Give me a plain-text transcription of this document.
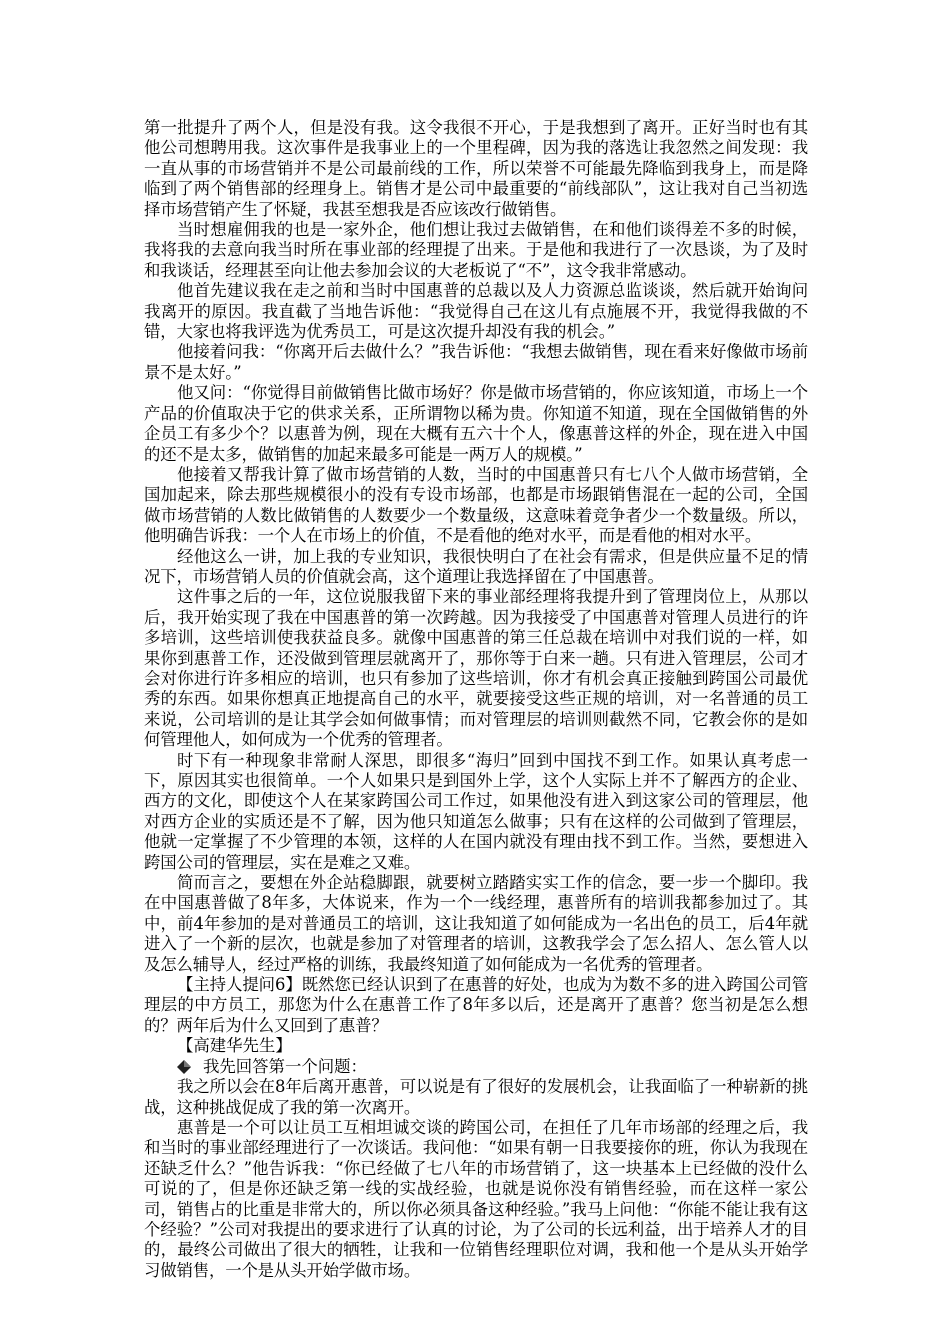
第一批提升了两个人，但是没有我。这令我很不开心，于是我想到了离开。正好当时也有其他公司想聘用我。这次事件是我事业上的一个里程碑，因为我的落选让我忽然之间发现：我一直从事的市场营销并不是公司最前线的工作，所以荣誉不可能最先降临到我身上，而是降临到了两个销售部的经理身上。销售才是公司中最重要的“前线部队”，这让我对自己当初选择市场营销产生了怀疑，我甚至想我是否应该改行做销售。

当时想雇佣我的也是一家外企，他们想让我过去做销售，在和他们谈得差不多的时候，我将我的去意向我当时所在事业部的经理提了出来。于是他和我进行了一次恳谈，为了及时和我谈话，经理甚至向让他去参加会议的大老板说了“不”，这令我非常感动。

他首先建议我在走之前和当时中国惠普的总裁以及人力资源总监谈谈，然后就开始询问我离开的原因。我直截了当地告诉他：“我觉得自己在这儿有点施展不开，我觉得我做的不错，大家也将我评选为优秀员工，可是这次提升却没有我的机会。”

他接着问我：“你离开后去做什么？”我告诉他：“我想去做销售，现在看来好像做市场前景不是太好。”

他又问：“你觉得目前做销售比做市场好？你是做市场营销的，你应该知道，市场上一个产品的价值取决于它的供求关系，正所谓物以稀为贵。你知道不知道，现在全国做销售的外企员工有多少个？以惠普为例，现在大概有五六十个人，像惠普这样的外企，现在进入中国的还不是太多，做销售的加起来最多可能是一两万人的规模。”

他接着又帮我计算了做市场营销的人数，当时的中国惠普只有七八个人做市场营销，全国加起来，除去那些规模很小的没有专设市场部，也都是市场跟销售混在一起的公司，全国做市场营销的人数比做销售的人数要少一个数量级，这意味着竞争者少一个数量级。所以，他明确告诉我：一个人在市场上的价值，不是看他的绝对水平，而是看他的相对水平。

经他这么一讲，加上我的专业知识，我很快明白了在社会有需求，但是供应量不足的情况下，市场营销人员的价值就会高，这个道理让我选择留在了中国惠普。

这件事之后的一年，这位说服我留下来的事业部经理将我提升到了管理岗位上，从那以后，我开始实现了我在中国惠普的第一次跨越。因为我接受了中国惠普对管理人员进行的许多培训，这些培训使我获益良多。就像中国惠普的第三任总裁在培训中对我们说的一样，如果你到惠普工作，还没做到管理层就离开了，那你等于白来一趟。只有进入管理层，公司才会对你进行许多相应的培训，也只有参加了这些培训，你才有机会真正接触到跨国公司最优秀的东西。如果你想真正地提高自己的水平，就要接受这些正规的培训，对一名普通的员工来说，公司培训的是让其学会如何做事情；而对管理层的培训则截然不同，它教会你的是如何管理他人，如何成为一个优秀的管理者。

时下有一种现象非常耐人深思，即很多“海归”回到中国找不到工作。如果认真考虑一下，原因其实也很简单。一个人如果只是到国外上学，这个人实际上并不了解西方的企业、西方的文化，即使这个人在某家跨国公司工作过，如果他没有进入到这家公司的管理层，他对西方企业的实质还是不了解，因为他只知道怎么做事；只有在这样的公司做到了管理层，他就一定掌握了不少管理的本领，这样的人在国内就没有理由找不到工作。当然，要想进入跨国公司的管理层，实在是难之又难。

简而言之，要想在外企站稳脚跟，就要树立踏踏实实工作的信念，要一步一个脚印。我在中国惠普做了8年多，大体说来，作为一个一线经理，惠普所有的培训我都参加过了。其中，前4年参加的是对普通员工的培训，这让我知道了如何能成为一名出色的员工，后4年就进入了一个新的层次，也就是参加了对管理者的培训，这教我学会了怎么招人、怎么管人以及怎么辅导人，经过严格的训练，我最终知道了如何能成为一名优秀的管理者。

【主持人提问6】既然您已经认识到了在惠普的好处，也成为为数不多的进入跨国公司管理层的中方员工，那您为什么在惠普工作了8年多以后，还是离开了惠普？您当初是怎么想的？两年后为什么又回到了惠普？

【高建华先生】

我先回答第一个问题：

我之所以会在8年后离开惠普，可以说是有了很好的发展机会，让我面临了一种崭新的挑战，这种挑战促成了我的第一次离开。

惠普是一个可以让员工互相坦诚交谈的跨国公司，在担任了几年市场部的经理之后，我和当时的事业部经理进行了一次谈话。我问他：“如果有朝一日我要接你的班，你认为我现在还缺乏什么？”他告诉我：“你已经做了七八年的市场营销了，这一块基本上已经做的没什么可说的了，但是你还缺乏第一线的实战经验，也就是说你没有销售经验，而在这样一家公司，销售占的比重是非常大的，所以你必须具备这种经验。”我马上问他：“你能不能让我有这个经验？”公司对我提出的要求进行了认真的讨论，为了公司的长远利益，出于培养人才的目的，最终公司做出了很大的牺牲，让我和一位销售经理职位对调，我和他一个是从头开始学习做销售，一个是从头开始学做市场。
